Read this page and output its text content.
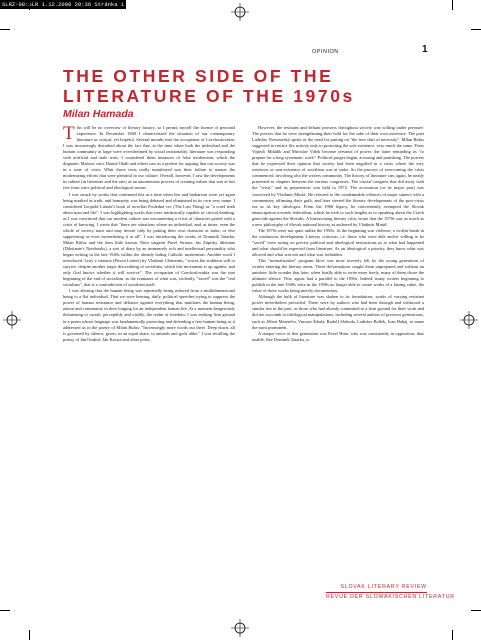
SLRZ-08:SLR 1.12.2008 20:36 Stránka 1
OPINION	1
THE OTHER SIDE OF THE LITERATURE OF THE 1970s
Milan Hamada

This will be no overview of literary history, so I permit myself the license of personal experience. In December 1968 I characterized the situation of our contemporary literature as critical, yet hopeful. Several months into the occupation of Czechoslovakia, I was increasingly disturbed about the fact that, at the time when both the individual and the human community at large were overwhelmed by social irrationality, literature was responding with artificial and stale texts. I considered them instances of false modernism, which the dogmatic Marxist critic Daniel Okáli and others saw as a pretext for arguing that our society was in a state of crisis. What those texts really manifested was their failure to master the modernizing efforts that were plentiful in our culture. Overall, however, I saw the developments in culture (in literature and the arts) as an autonomous process of creating values that was at last free from strict political and ideological norms.

I was struck by works that confirmed this at a time when lies and barbarism were yet again being masked as truth, and humanity was being debased and eliminated in its own very name. I considered Leopold Lahola's book of novellas Posledná vec (The Last Thing) as "a cruel truth about man and life". I was highlighting works that were intrinsically capable of critical thinking, as I was convinced that our modern culture was encountering a crisis of character paired with a crisis of knowing. I wrote that "there are situations where an individual, and, at times, even the whole of society must and may decide only by putting their own character at stake, or else suppressing or even surrendering it at all". I was introducing the works of Dominik Tatarka, Milan Rúfus and the then little known Nitra surgeon Pavel Strauss, his Zápisky diletanta (Dilettante's Notebooks), a sort of diary by an immensely rich and intellectual personality who began writing in the late 1940s within the already fading Catholic modernism. Another work I introduced, Listy z väzenia (Prison Letters) by Vladimír Clementis, "voices the stubborn will to survive, despite another tragic discrediting of socialism, which this movement is up against, and only God knows whether it will survive". The occupation of Czechoslovakia was the true beginning of the end of socialism, as the remnants of what was, violently, "saved" was the "real socialism", that is a contradiction of socialism itself.

I was alerting that the human being was repeatedly being reduced from a multidimensional being to a flat individual. That we were hearing, daily, political speeches trying to suppress the power of human resistance and defiance against everything that mutilates the human being, nation and community in their longing for an independent human life. At a moment dangerously threatening to curtail, perceptibly and visibly, the realm of freedom, I was seeking firm ground in a poem whose language was fundamentally protecting and defending a free human being as it addressed us in the poetry of Milan Rúfus: "Increasingly more words out there. Deep down, all is governed by silence, given, in an equal share, to animals and gods alike." I was recalling the poetry of Ján Ondruš, Ján Kostra and other poets.

However, the resistant and defiant prowess throughout society was wilting under pressure. The powers that be were strengthening their hold for the sake of their own existence. The poet Ladislav Novomeský spoke of the need for putting on "the iron shirt of necessity". Milan Rúfus suggested to restrict life activity only to protecting the sole existence, very much the same. Poets Vojtech Mihálik and Miroslav Válek became servants of power, the latter reminding us "to prepare for a long systematic work". Political purges began, accusing and punishing. The powers that be expressed their opinion that society had been engulfed in a crisis where the very existence or non-existence of socialism was at stake. So the process of overcoming the crisis commenced, involving also the writers community. The history of literature can, again, be neatly presented as chapters between the various congresses. The crucial congress that did away with the "crisis" and its perpetrators was held in 1972. The accusation (or its major part) was conceived by Vladimír Mináč. He referred to the condemnable offences of major sinners with a commentary affirming their guilt, and later steered the literary developments of the post-crisis era as its key ideologist. From the 1968 legacy, he conveniently exempted the Slovak emancipation towards federalism, which he took to such lengths as to speaking about the Czech genocide against the Slovaks. A historicizing literary critic wrote that the 1970s saw as much as a new philosophy of Slovak national history as authored by Vladimír Mináč.

The 1970s were not quite unlike the 1950s. At the beginning was violence, a violent break in the continuous development. Literary criticism, i.e. those who were able and/or willing to be "saved" were acting on precise political and ideological instructions as to what had happened and what should be expected from literature. As an ideological a priority, they knew what was allowed and what was not and what was forbidden.

This "normalization" program blow was most severely felt by the young generation of writers entering the literary arena. These deformations caught them unprepared and without an antidote; little wonder that later, when finally able to write more freely, many of them chose the ultimate silence. This, again, had a parallel to the 1950s. Indeed, many writers beginning to publish in the late 1940s were in the 1950s no longer able to create works of a lasting value, the value of those works being merely documentary.

Although the bulk of literature was shaken to its foundations, works of varying resistant power nevertheless prevailed. These were by authors who had been through and withstood a similar test in the past, or those who had already committed to a firm ground for their work and did not succumb to ideological manipulations, including several authors of previous generations, such as Albert Marenčin, Vincent Šikula, Rudolf Sloboda, Ladislav Ballek, Ivan Habaj, to name the most prominent.

A unique voice of this generation was Pavel Hrúz, who was consistently in opposition, thus unable, like Dominik Tatarka, to

SLOVAK LITERARY REVIEW
REVUE DER SLOWAKISCHEN LITERATUR
